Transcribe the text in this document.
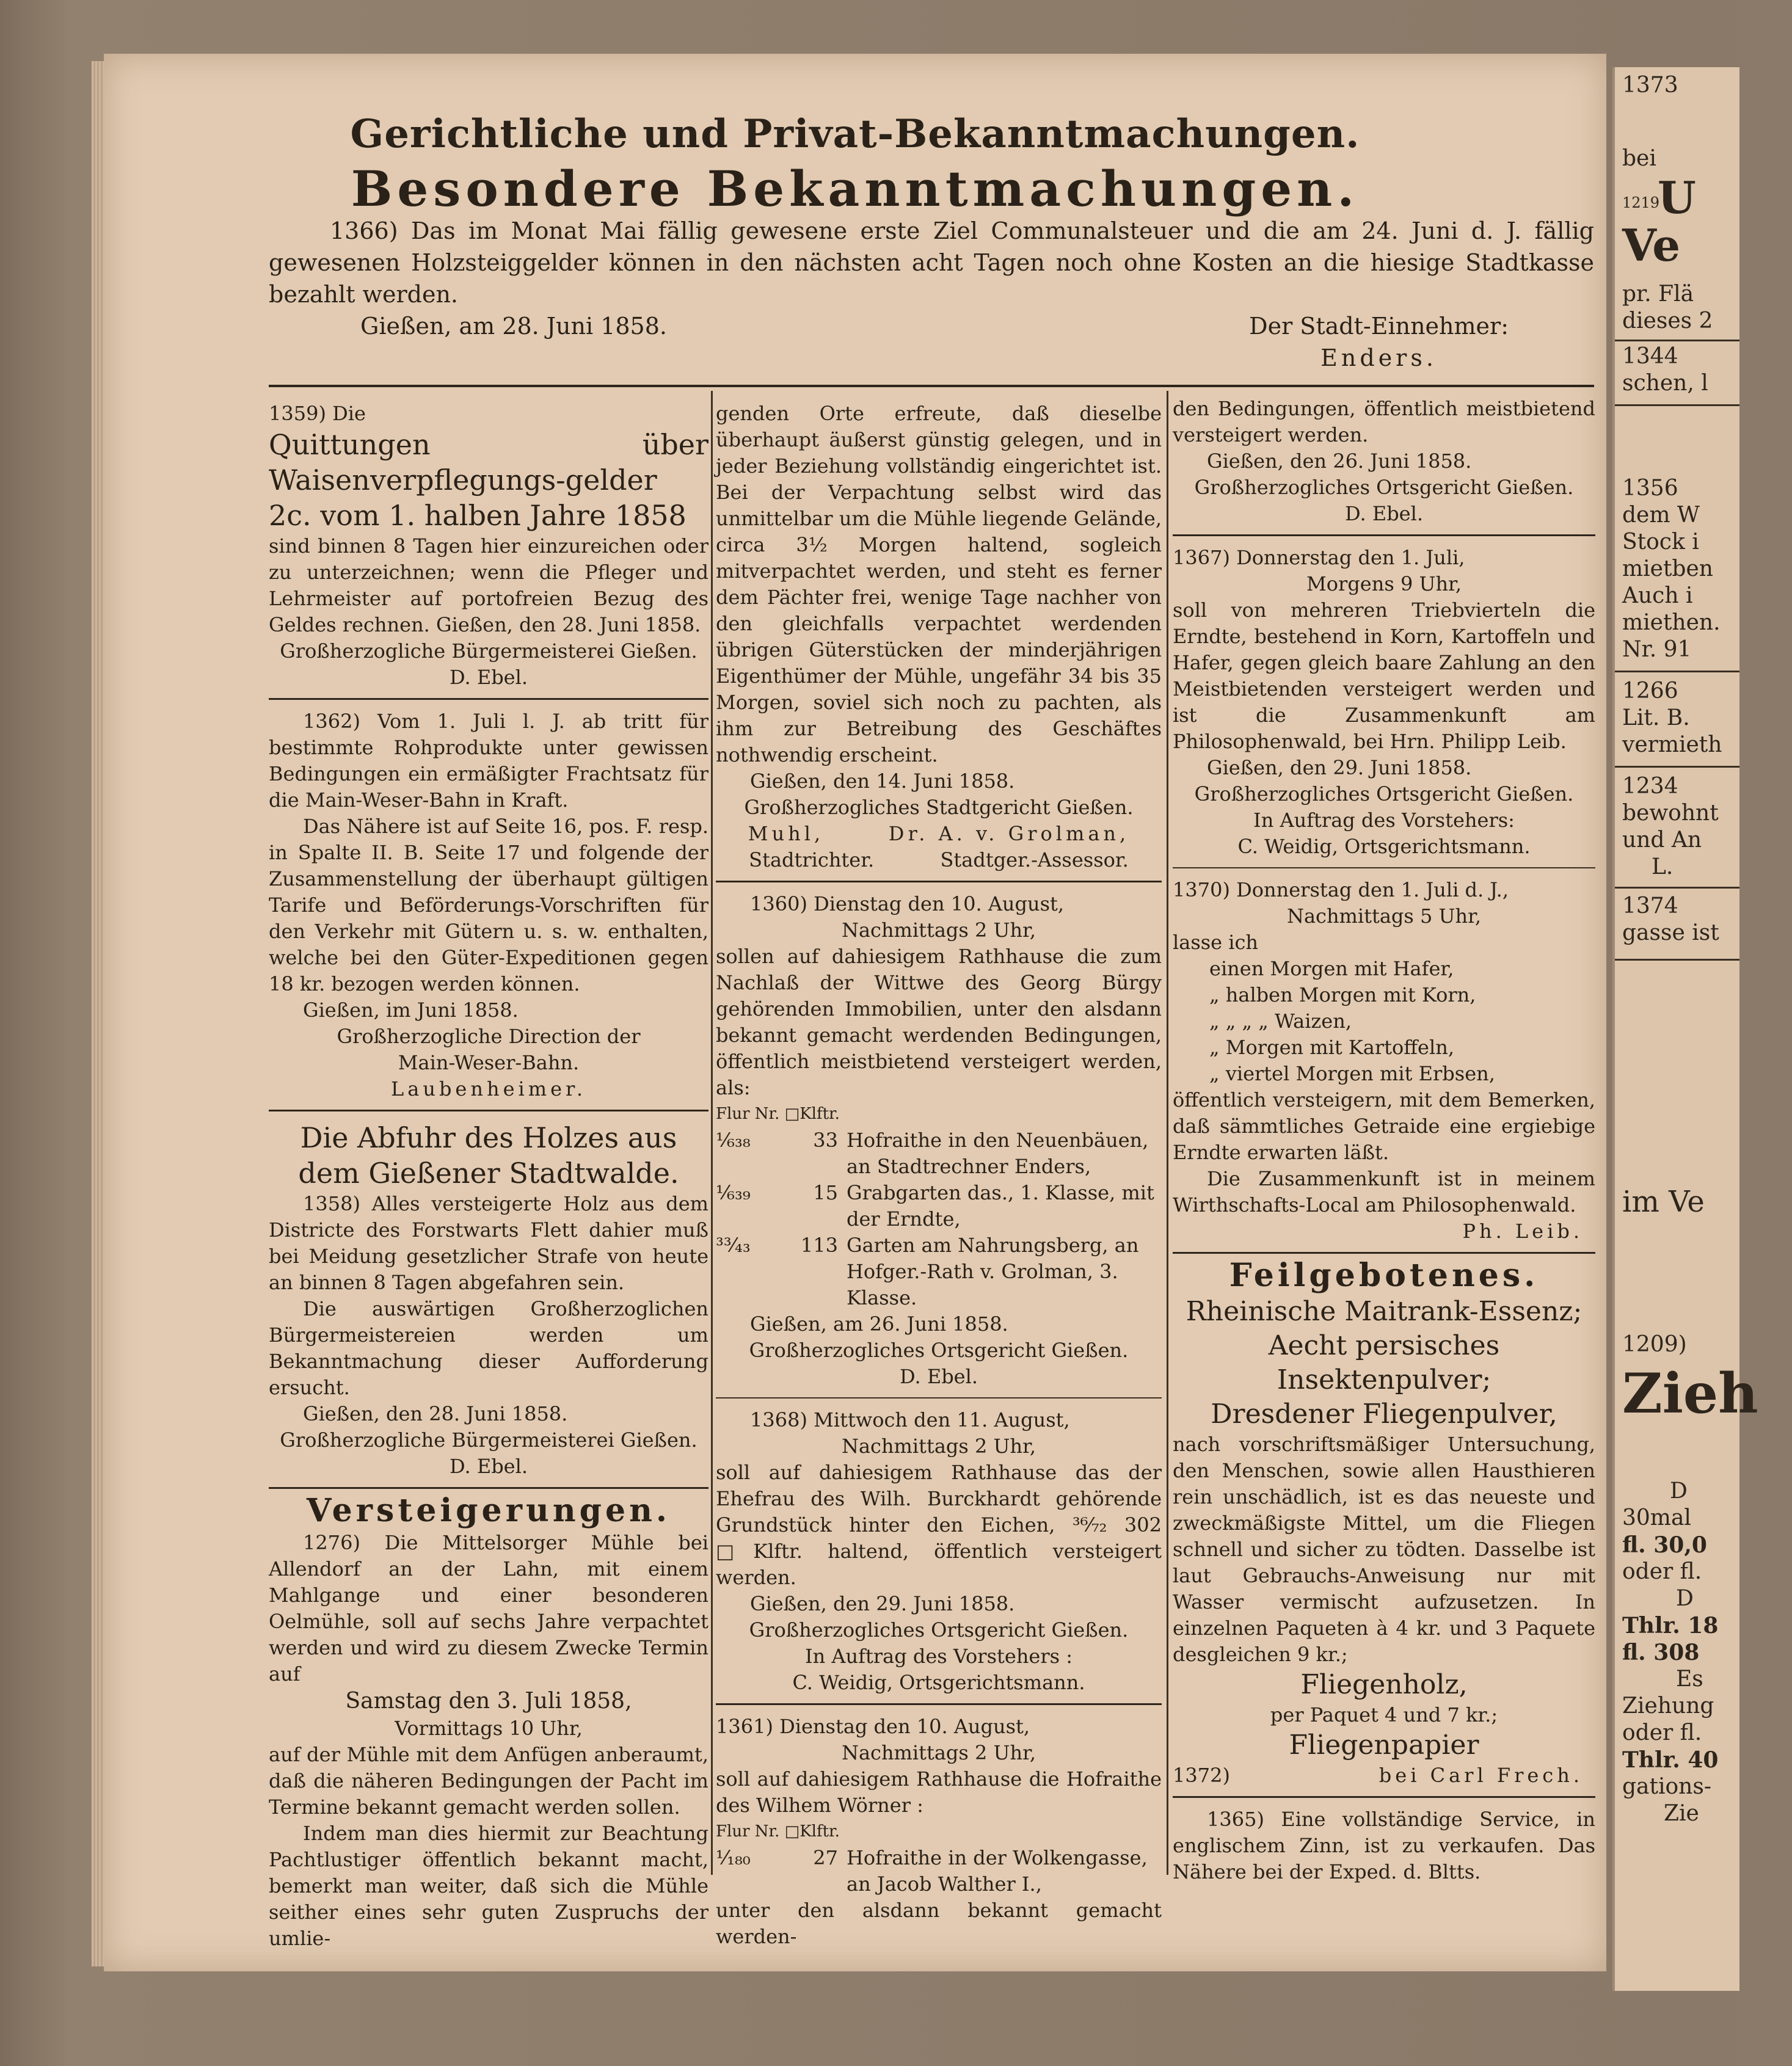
1373
bei
1219
U
Ve
pr. Flä
dieses 2
1344
schen, l
1356
dem W
Stock i
mietben
Auch i
miethen.
Nr. 91
1266
Lit. B.
vermieth
1234
bewohnt
und An
L.
1374
gasse ist
im Ve
1209)
Zieh
D
30mal
fl. 30,0
oder fl.
D
Thlr. 18
fl. 308
Es
Ziehung
oder fl.
Thlr. 40
gations-
Zie
Gerichtliche und Privat-Bekanntmachungen.
Besondere Bekanntmachungen.

1366) Das im Monat Mai fällig gewesene erste Ziel Communalsteuer und die am 24. Juni d. J. fällig gewesenen Holzsteiggelder können in den nächsten acht Tagen noch ohne Kosten an die hiesige Stadtkasse bezahlt werden.

Gießen, am 28. Juni 1858.	Der Stadt-Einnehmer:
Enders.

1359) Die

Quittungen über Waisenverpflegungs-gelder 2c. vom 1. halben Jahre 1858

sind binnen 8 Tagen hier einzureichen oder zu unterzeichnen; wenn die Pfleger und Lehrmeister auf portofreien Bezug des Geldes rechnen. Gießen, den 28. Juni 1858.

Großherzogliche Bürgermeisterei Gießen.

D. Ebel.

1362) Vom 1. Juli l. J. ab tritt für bestimmte Rohprodukte unter gewissen Bedingungen ein ermäßigter Frachtsatz für die Main-Weser-Bahn in Kraft.

Das Nähere ist auf Seite 16, pos. F. resp. in Spalte II. B. Seite 17 und folgende der Zusammenstellung der überhaupt gültigen Tarife und Beförderungs-Vorschriften für den Verkehr mit Gütern u. s. w. enthalten, welche bei den Güter-Expeditionen gegen 18 kr. bezogen werden können.

Gießen, im Juni 1858.

Großherzogliche Direction der

Main-Weser-Bahn.

Laubenheimer.

Die Abfuhr des Holzes aus dem Gießener Stadtwalde.

1358) Alles versteigerte Holz aus dem Districte des Forstwarts Flett dahier muß bei Meidung gesetzlicher Strafe von heute an binnen 8 Tagen abgefahren sein.

Die auswärtigen Großherzoglichen Bürgermeistereien werden um Bekanntmachung dieser Aufforderung ersucht.

Gießen, den 28. Juni 1858.

Großherzogliche Bürgermeisterei Gießen.

D. Ebel.

Versteigerungen.

1276) Die Mittelsorger Mühle bei Allendorf an der Lahn, mit einem Mahlgange und einer besonderen Oelmühle, soll auf sechs Jahre verpachtet werden und wird zu diesem Zwecke Termin auf

Samstag den 3. Juli 1858,

Vormittags 10 Uhr,

auf der Mühle mit dem Anfügen anberaumt, daß die näheren Bedingungen der Pacht im Termine bekannt gemacht werden sollen.

Indem man dies hiermit zur Beachtung Pachtlustiger öffentlich bekannt macht, bemerkt man weiter, daß sich die Mühle seither eines sehr guten Zuspruchs der umlie-

genden Orte erfreute, daß dieselbe überhaupt äußerst günstig gelegen, und in jeder Beziehung vollständig eingerichtet ist. Bei der Verpachtung selbst wird das unmittelbar um die Mühle liegende Gelände, circa 3½ Morgen haltend, sogleich mitverpachtet werden, und steht es ferner dem Pächter frei, wenige Tage nachher von den gleichfalls verpachtet werdenden übrigen Güterstücken der minderjährigen Eigenthümer der Mühle, ungefähr 34 bis 35 Morgen, soviel sich noch zu pachten, als ihm zur Betreibung des Geschäftes nothwendig erscheint.

Gießen, den 14. Juni 1858.

Großherzogliches Stadtgericht Gießen.

Muhl,	Dr. A. v. Grolman,
Stadtrichter.	Stadtger.-Assessor.

1360) Dienstag den 10. August,

Nachmittags 2 Uhr,

sollen auf dahiesigem Rathhause die zum Nachlaß der Wittwe des Georg Bürgy gehörenden Immobilien, unter den alsdann bekannt gemacht werdenden Bedingungen, öffentlich meistbietend versteigert werden, als:

Flur Nr. □Klftr.

¹⁄₆₃₈	33 Hofraithe in den Neuenbäuen, an Stadtrechner Enders,
¹⁄₆₃₉	15 Grabgarten das., 1. Klasse, mit der Erndte,
³³⁄₄₃	113 Garten am Nahrungsberg, an Hofger.-Rath v. Grolman, 3. Klasse.

Gießen, am 26. Juni 1858.

Großherzogliches Ortsgericht Gießen.

D. Ebel.

1368) Mittwoch den 11. August,

Nachmittags 2 Uhr,

soll auf dahiesigem Rathhause das der Ehefrau des Wilh. Burckhardt gehörende Grundstück hinter den Eichen, ³⁶⁄₇₂ 302 □Klftr. haltend, öffentlich versteigert werden.

Gießen, den 29. Juni 1858.

Großherzogliches Ortsgericht Gießen.

In Auftrag des Vorstehers :

C. Weidig, Ortsgerichtsmann.

1361) Dienstag den 10. August,

Nachmittags 2 Uhr,

soll auf dahiesigem Rathhause die Hofraithe des Wilhem Wörner :

Flur Nr. □Klftr.

¹⁄₁₈₀	27 Hofraithe in der Wolkengasse, an Jacob Walther I.,

unter den alsdann bekannt gemacht werden-

den Bedingungen, öffentlich meistbietend versteigert werden.

Gießen, den 26. Juni 1858.

Großherzogliches Ortsgericht Gießen.

D. Ebel.

1367) Donnerstag den 1. Juli,

Morgens 9 Uhr,

soll von mehreren Triebvierteln die Erndte, bestehend in Korn, Kartoffeln und Hafer, gegen gleich baare Zahlung an den Meistbietenden versteigert werden und ist die Zusammenkunft am Philosophenwald, bei Hrn. Philipp Leib.

Gießen, den 29. Juni 1858.

Großherzogliches Ortsgericht Gießen.

In Auftrag des Vorstehers:

C. Weidig, Ortsgerichtsmann.

1370) Donnerstag den 1. Juli d. J.,

Nachmittags 5 Uhr,

lasse ich

einen Morgen mit Hafer,

„ halben Morgen mit Korn,

„ „ „ „ Waizen,

„ Morgen mit Kartoffeln,

„ viertel Morgen mit Erbsen,

öffentlich versteigern, mit dem Bemerken, daß sämmtliches Getraide eine ergiebige Erndte erwarten läßt.

Die Zusammenkunft ist in meinem Wirthschafts-Local am Philosophenwald.

Ph. Leib.

Feilgebotenes.

Rheinische Maitrank-Essenz;

Aecht persisches Insektenpulver;

Dresdener Fliegenpulver,

nach vorschriftsmäßiger Untersuchung, den Menschen, sowie allen Hausthieren rein unschädlich, ist es das neueste und zweckmäßigste Mittel, um die Fliegen schnell und sicher zu tödten. Dasselbe ist laut Gebrauchs-Anweisung nur mit Wasser vermischt aufzusetzen. In einzelnen Paqueten à 4 kr. und 3 Paquete desgleichen 9 kr.;

Fliegenholz,

per Paquet 4 und 7 kr.;

Fliegenpapier

1372)	bei Carl Frech.

1365) Eine vollständige Service, in englischem Zinn, ist zu verkaufen. Das Nähere bei der Exped. d. Bltts.
